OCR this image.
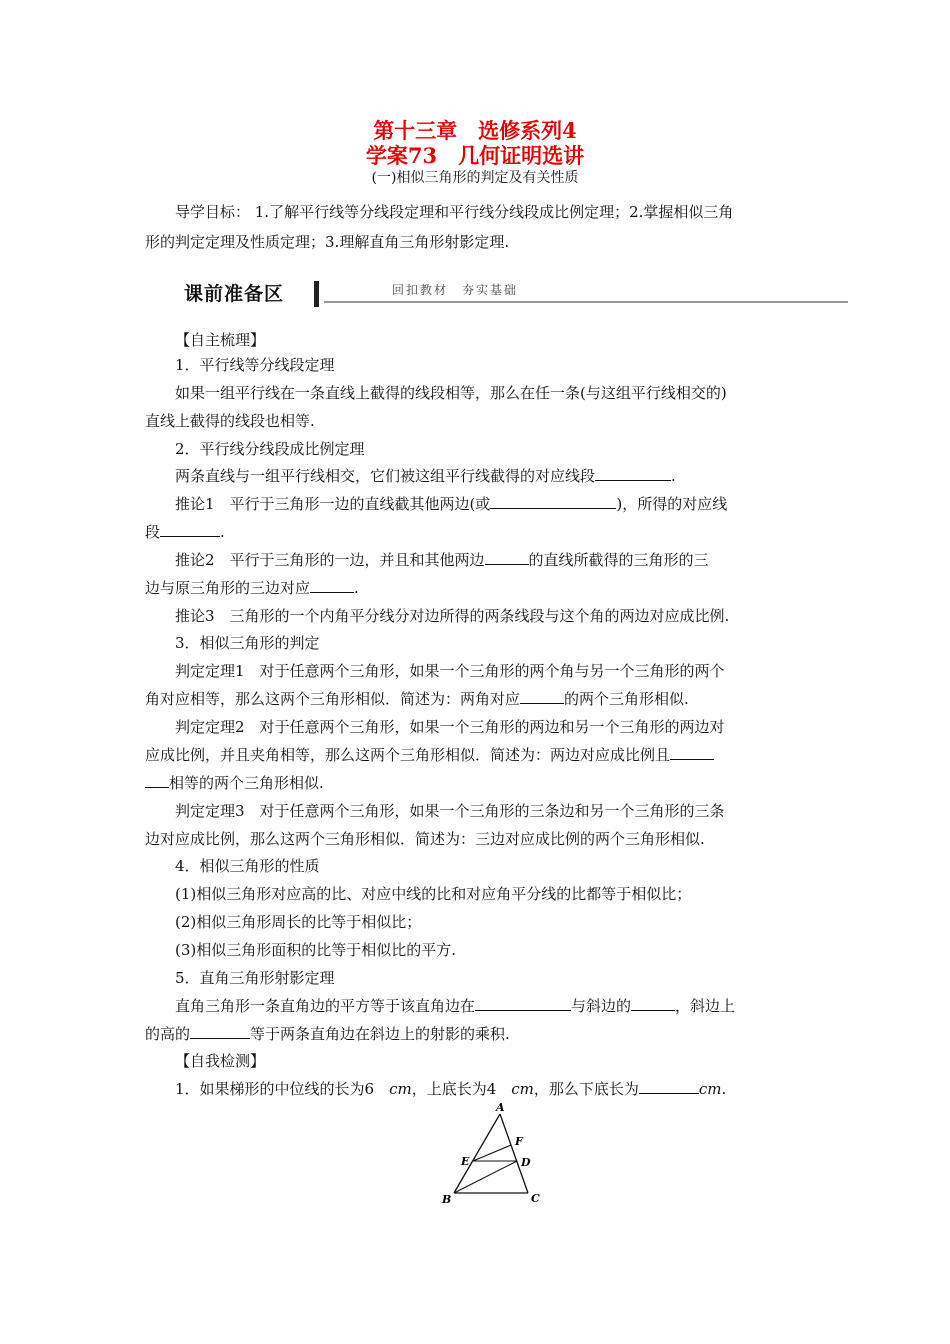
第十三章　选修系列4
学案73　几何证明选讲
(一)相似三角形的判定及有关性质
导学目标： 1.了解平行线等分线段定理和平行线分线段成比例定理；2.掌握相似三角
形的判定定理及性质定理；3.理解直角三角形射影定理.
课前准备区	回扣教材　夯实基础
【自主梳理】
1．平行线等分线段定理
如果一组平行线在一条直线上截得的线段相等，那么在任一条(与这组平行线相交的)
直线上截得的线段也相等.
2．平行线分线段成比例定理
两条直线与一组平行线相交，它们被这组平行线截得的对应线段	.
推论1　平行于三角形一边的直线截其他两边(或	)，所得的对应线
段	.
推论2　平行于三角形的一边，并且和其他两边	的直线所截得的三角形的三
边与原三角形的三边对应	.
推论3　三角形的一个内角平分线分对边所得的两条线段与这个角的两边对应成比例.
3．相似三角形的判定
判定定理1　对于任意两个三角形，如果一个三角形的两个角与另一个三角形的两个
角对应相等，那么这两个三角形相似．简述为：两角对应	的两个三角形相似.
判定定理2　对于任意两个三角形，如果一个三角形的两边和另一个三角形的两边对
应成比例，并且夹角相等，那么这两个三角形相似．简述为：两边对应成比例且
相等的两个三角形相似.
判定定理3　对于任意两个三角形，如果一个三角形的三条边和另一个三角形的三条
边对应成比例，那么这两个三角形相似．简述为：三边对应成比例的两个三角形相似.
4．相似三角形的性质
(1)相似三角形对应高的比、对应中线的比和对应角平分线的比都等于相似比；
(2)相似三角形周长的比等于相似比；
(3)相似三角形面积的比等于相似比的平方.
5．直角三角形射影定理
直角三角形一条直角边的平方等于该直角边在	与斜边的	，斜边上
的高的	等于两条直角边在斜边上的射影的乘积.
【自我检测】
1．如果梯形的中位线的长为6　cm，上底长为4　cm，那么下底长为	cm.
A
F
E	D
B	C
